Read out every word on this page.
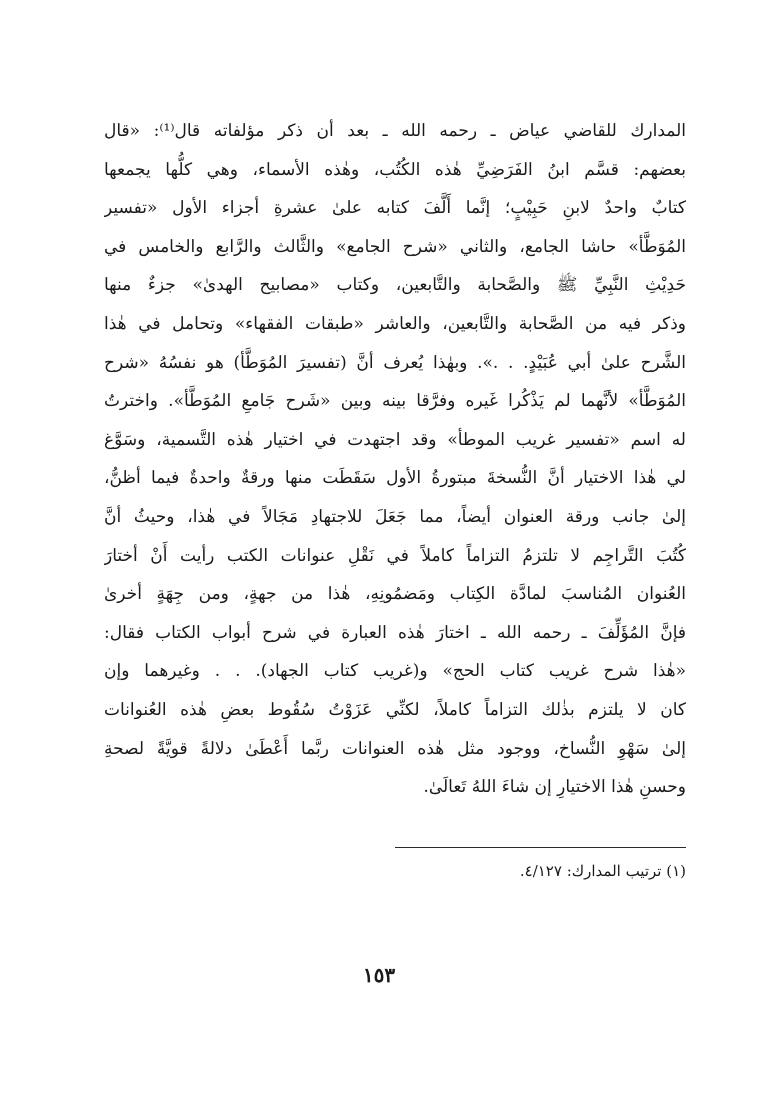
المدارك للقاضي عياض ـ رحمه الله ـ بعد أن ذكر مؤلفاته قال⁽¹⁾: «قال
بعضهم: قسَّم ابنُ الفَرَضِيِّ هٰذه الكُتُب، وهٰذه الأسماء، وهي كلُّها يجمعها
كتابٌ واحدٌ لابنِ حَبِيْبٍ؛ إنَّما أَلَّفَ كتابه علىٰ عشرةِ أجزاء الأول «تفسير
المُوَطَّأ» حاشا الجامع، والثاني «شرح الجامع» والثَّالث والرَّابع والخامس في
حَدِيْثِ النَّبِيِّ ﷺ والصَّحابة والتَّابعين، وكتاب «مصابيح الهدىٰ» جزءٌ منها
وذكر فيه من الصَّحابة والتَّابعين، والعاشر «طبقات الفقهاء» وتحامل في هٰذا
الشَّرح علىٰ أبي عُبَيْدٍ. . .». وبهٰذا يُعرف أنَّ (تفسيرَ المُوَطَّأ) هو نفسُهُ «شرح
المُوَطَّأ» لأنَّهما لم يَذْكُرا غَيره وفرَّقا بينه وبين «شَرح جَامعِ المُوَطَّأ». واخترتُ
له اسم «تفسير غريب الموطأ» وقد اجتهدت في اختيار هٰذه التَّسمية، وسَوَّغ
لي هٰذا الاختيار أنَّ النُّسخةَ مبتورةُ الأول سَقَطَت منها ورقةٌ واحدةٌ فيما أظنُّ،
إلىٰ جانب ورقة العنوان أيضاً، مما جَعَلَ للاجتهادِ مَجَالاً في هٰذا، وحيثُ أنَّ
كُتُبَ التَّراجِم لا تلتزمُ التزاماً كاملاً في نَقْلِ عنوانات الكتب رأيت أَنْ أختارَ
العُنوان المُناسبَ لمادَّة الكِتاب ومَضمُونِهِ، هٰذا من جهةٍ، ومن جِهَةٍ أخرىٰ
فإنَّ المُؤَلِّفَ ـ رحمه الله ـ اختارَ هٰذه العبارة في شرح أبواب الكتاب فقال:
«هٰذا شرح غريب كتاب الحج» و(غريب كتاب الجهاد). . . وغيرهما وإن
كان لا يلتزم بذٰلك التزاماً كاملاً، لكنِّي عَزَوْتُ سُقُوط بعضِ هٰذه العُنوانات
إلىٰ سَهْوِ النُّساخ، ووجود مثل هٰذه العنوانات ربَّما أَعْطَىٰ دلالةً قويَّةً لصحةِ
وحسنِ هٰذا الاختيارِ إن شاءَ اللهُ تَعالَىٰ.
(١) ترتيب المدارك: ٤/١٢٧.
١٥٣
